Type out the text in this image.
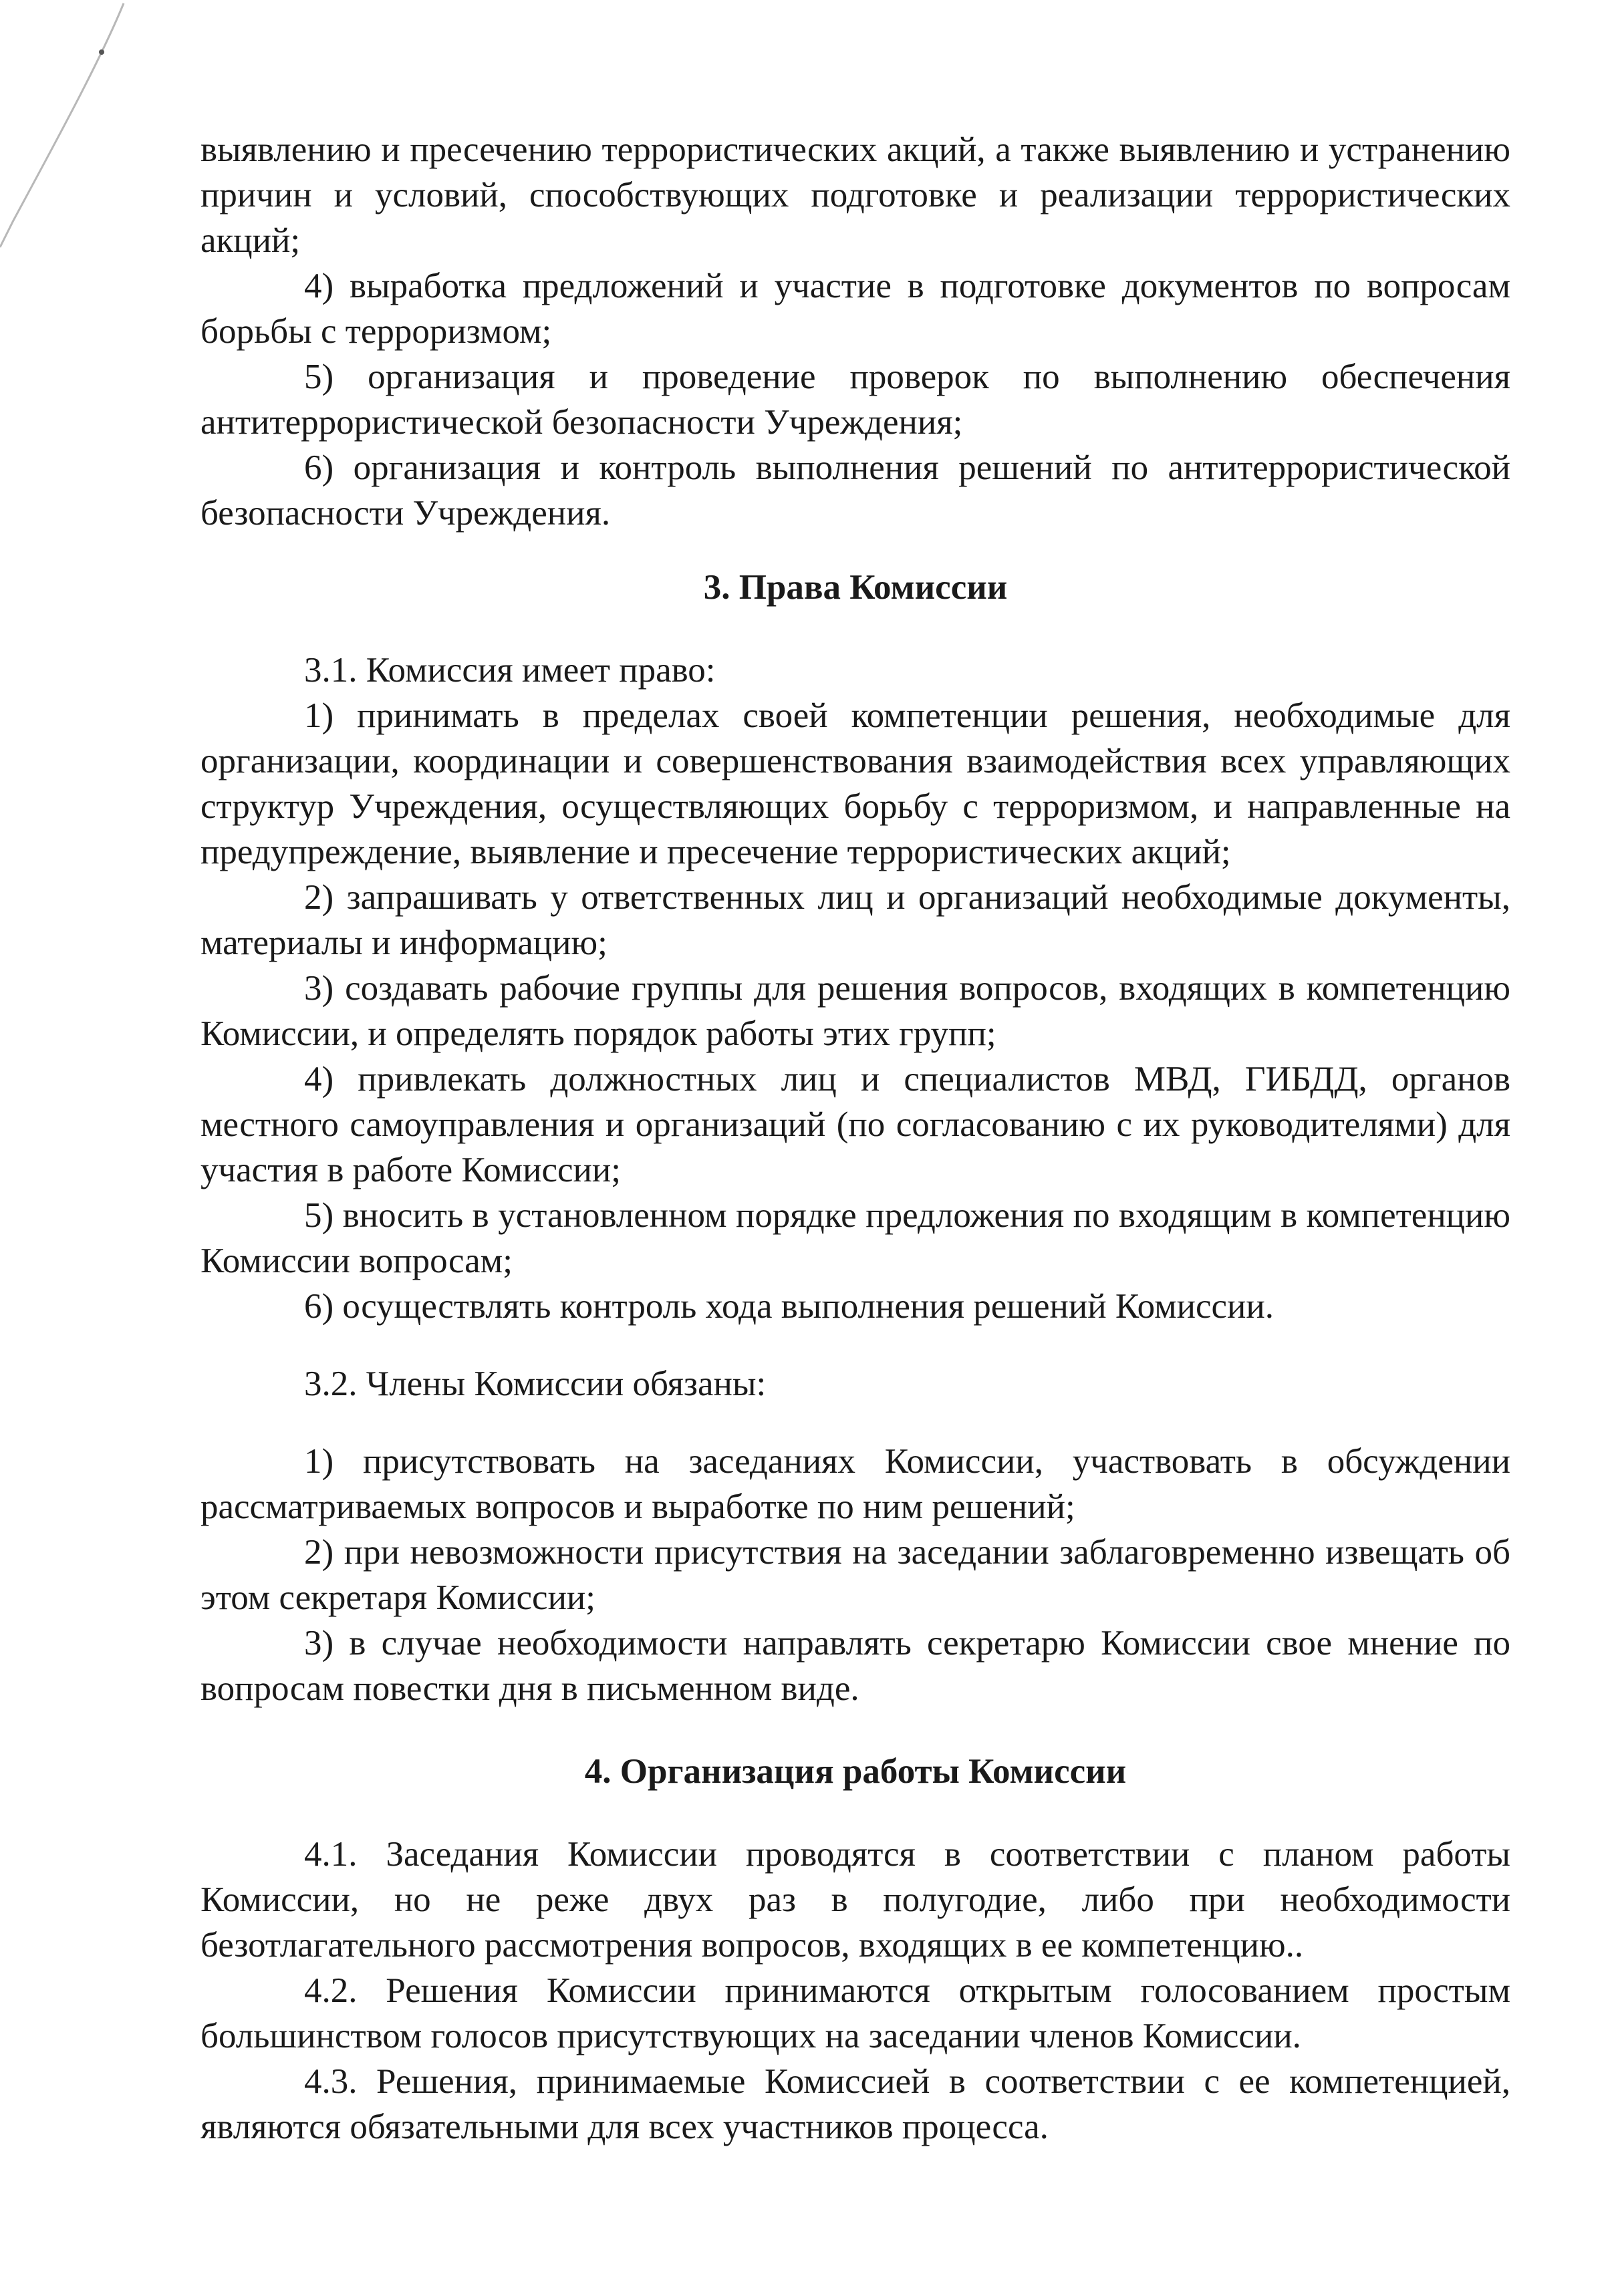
выявлению и пресечению террористических акций, а также выявлению и устранению причин и условий, способствующих подготовке и реализации террористических акций;

4) выработка предложений и участие в подготовке документов по вопросам борьбы с терроризмом;

5) организация и проведение проверок по выполнению обеспечения антитеррористической безопасности Учреждения;

6) организация и контроль выполнения решений по антитеррористической безопасности Учреждения.

3. Права Комиссии

3.1. Комиссия имеет право:

1) принимать в пределах своей компетенции решения, необходимые для организации, координации и совершенствования взаимодействия всех управляющих структур Учреждения, осуществляющих борьбу с терроризмом, и направленные на предупреждение, выявление и пресечение террористических акций;

2) запрашивать у ответственных лиц и организаций необходимые документы, материалы и информацию;

3) создавать рабочие группы для решения вопросов, входящих в компетенцию Комиссии, и определять порядок работы этих групп;

4) привлекать должностных лиц и специалистов МВД, ГИБДД, органов местного самоуправления и организаций (по согласованию с их руководителями) для участия в работе Комиссии;

5) вносить в установленном порядке предложения по входящим в компетенцию Комиссии вопросам;

6) осуществлять контроль хода выполнения решений Комиссии.

3.2. Члены Комиссии обязаны:

1) присутствовать на заседаниях Комиссии, участвовать в обсуждении рассматриваемых вопросов и выработке по ним решений;

2) при невозможности присутствия на заседании заблаговременно извещать об этом секретаря Комиссии;

3) в случае необходимости направлять секретарю Комиссии свое мнение по вопросам повестки дня в письменном виде.

4. Организация работы Комиссии

4.1. Заседания Комиссии проводятся в соответствии с планом работы Комиссии, но не реже двух раз в полугодие, либо при необходимости безотлагательного рассмотрения вопросов, входящих в ее компетенцию..

4.2. Решения Комиссии принимаются открытым голосованием простым большинством голосов присутствующих на заседании членов Комиссии.

4.3. Решения, принимаемые Комиссией в соответствии с ее компетенцией, являются обязательными для всех участников процесса.
